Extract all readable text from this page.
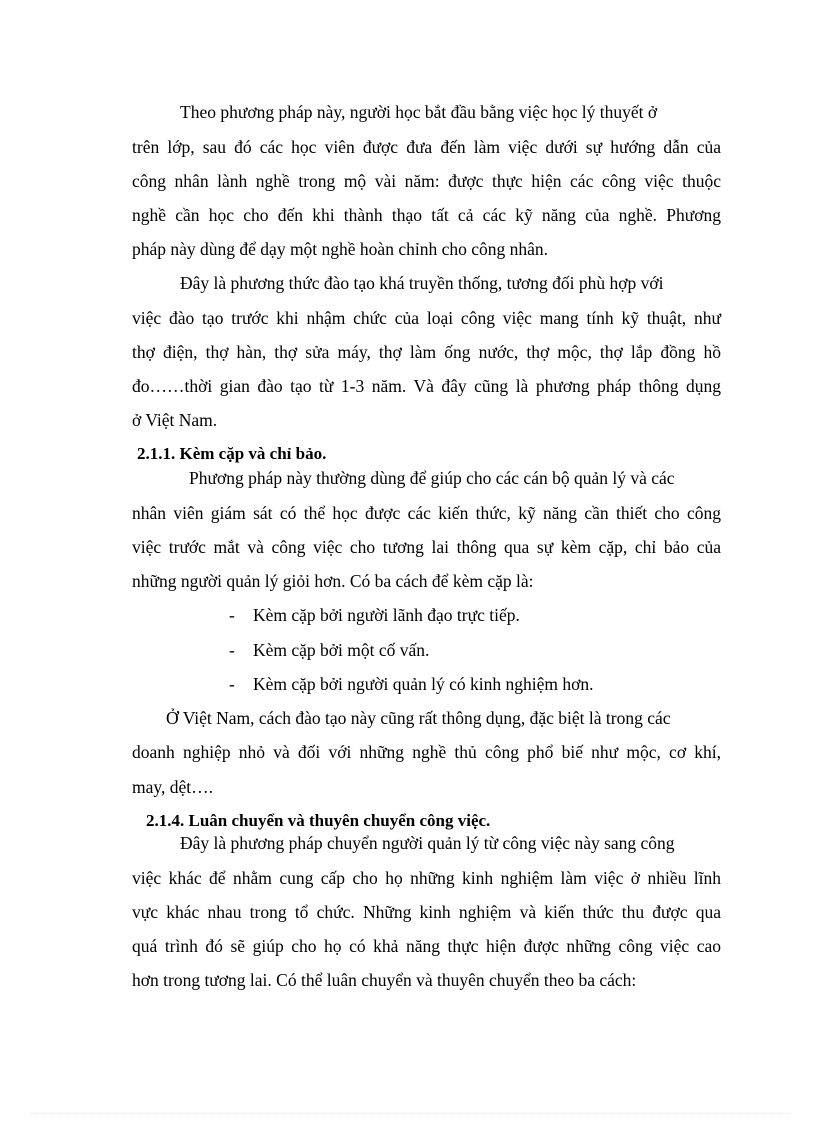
Theo phương pháp này, người học bắt đầu bằng việc học lý thuyết ở
trên lớp, sau đó các học viên được đưa đến làm việc dưới sự hướng dẫn của
công nhân lành nghề trong mộ vài năm: được thực hiện các công việc thuộc
nghề cần học cho đến khi thành thạo tất cả các kỹ năng của nghề. Phương
pháp này dùng để dạy một nghề hoàn chỉnh cho công nhân.
Đây là phương thức đào tạo khá truyền thống, tương đối phù hợp với
việc đào tạo trước khi nhậm chức của loại công việc mang tính kỹ thuật, như
thợ điện, thợ hàn, thợ sửa máy, thợ làm ống nước, thợ mộc, thợ lắp đồng hồ
đo……thời gian đào tạo từ 1-3 năm. Và đây cũng là phương pháp thông dụng
ở Việt Nam.
2.1.1. Kèm cặp và chỉ bảo.
Phương pháp này thường dùng để giúp cho các cán bộ quản lý và các
nhân viên giám sát có thể học được các kiến thức, kỹ năng cần thiết cho công
việc trước mắt và công việc cho tương lai thông qua sự kèm cặp, chỉ bảo của
những người quản lý giỏi hơn. Có ba cách để kèm cặp là:
- Kèm cặp bởi người lãnh đạo trực tiếp.
- Kèm cặp bởi một cố vấn.
- Kèm cặp bởi người quản lý có kinh nghiệm hơn.
Ở Việt Nam, cách đào tạo này cũng rất thông dụng, đặc biệt là trong các
doanh nghiệp nhỏ và đối với những nghề thủ công phổ biế như mộc, cơ khí,
may, dệt….
2.1.4. Luân chuyển và thuyên chuyển công việc.
Đây là phương pháp chuyển người quản lý từ công việc này sang công
việc khác để nhằm cung cấp cho họ những kinh nghiệm làm việc ở nhiều lĩnh
vực khác nhau trong tổ chức. Những kinh nghiệm và kiến thức thu được qua
quá trình đó sẽ giúp cho họ có khả năng thực hiện được những công việc cao
hơn trong tương lai. Có thể luân chuyển và thuyên chuyển theo ba cách:
